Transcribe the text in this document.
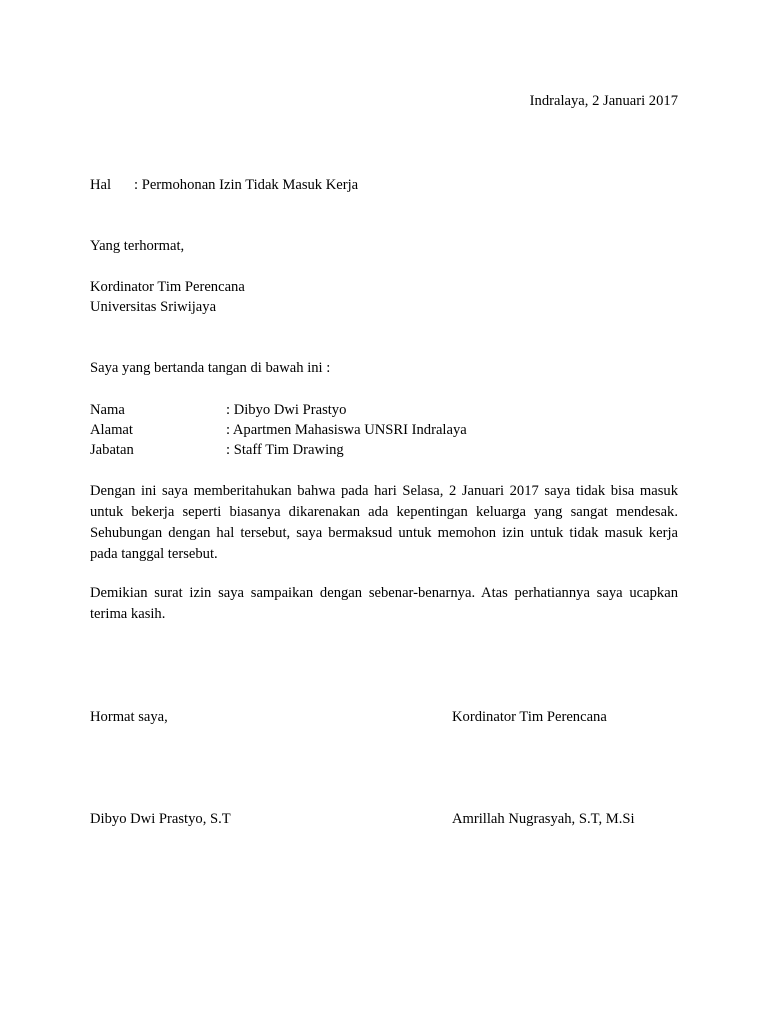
Indralaya, 2 Januari 2017
Hal : Permohonan Izin Tidak Masuk Kerja
Yang terhormat,
Kordinator Tim Perencana
Universitas Sriwijaya
Saya yang bertanda tangan di bawah ini :
Nama	: Dibyo Dwi Prastyo
Alamat	: Apartmen Mahasiswa UNSRI Indralaya
Jabatan	: Staff Tim Drawing
Dengan ini saya memberitahukan bahwa pada hari Selasa, 2 Januari 2017 saya tidak bisa masuk
untuk bekerja seperti biasanya dikarenakan ada kepentingan keluarga yang sangat mendesak.
Sehubungan dengan hal tersebut, saya bermaksud untuk memohon izin untuk tidak masuk kerja
pada tanggal tersebut.
Demikian surat izin saya sampaikan dengan sebenar-benarnya. Atas perhatiannya saya ucapkan
terima kasih.
Hormat saya,	Kordinator Tim Perencana
Dibyo Dwi Prastyo, S.T	Amrillah Nugrasyah, S.T, M.Si
